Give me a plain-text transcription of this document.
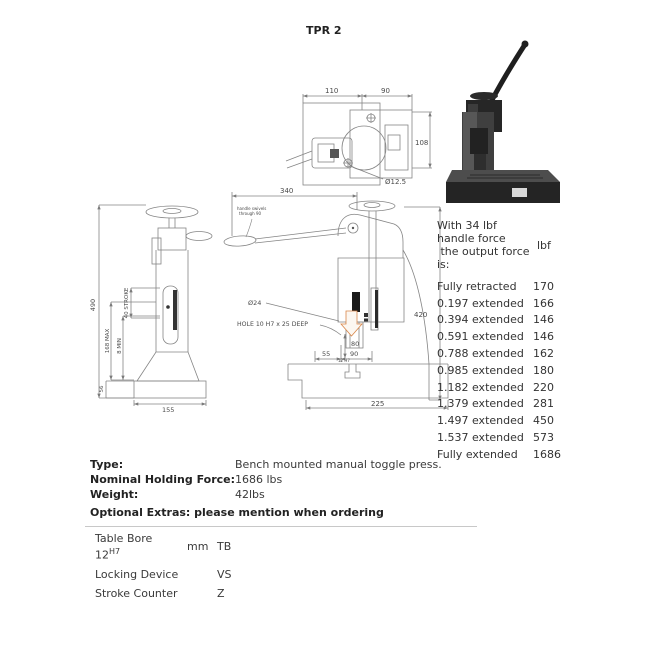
110	90
108
Ø12.5
340
420
80
55	90
225
Ø24
HOLE 10 H7 x 25 DEEP
handle swivels
through 90
12 H7
490	40 STROKE
168 MAX 8 MIN
56
155
TPR 2
With 34 lbf
handle force
the output force
is:
lbf
Fully retracted	170
0.197 extended 166
0.394 extended 146
0.591 extended 146
0.788 extended 162
0.985 extended 180
1.182 extended 220
1.379 extended 281
1.497 extended 450
1.537 extended 573
Fully extended	1686
Type:	Bench mounted manual toggle press.
Nominal Holding Force: 1686 lbs
Weight:	42lbs
Optional Extras: please mention when ordering
Table Bore
$12^{H7}$	mm TB
Locking Device	VS
Stroke Counter	Z
